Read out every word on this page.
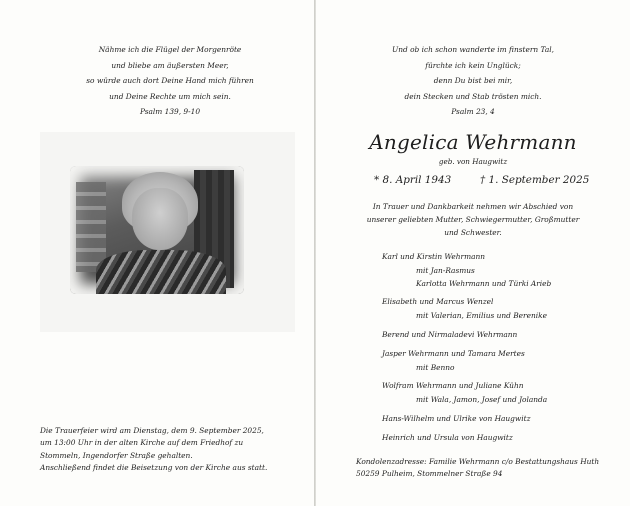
Nähme ich die Flügel der Morgenröte
und bliebe am äußersten Meer,
so würde auch dort Deine Hand mich führen
und Deine Rechte um mich sein.
Psalm 139, 9-10
Die Trauerfeier wird am Dienstag, dem 9. September 2025,
um 13:00 Uhr in der alten Kirche auf dem Friedhof zu
Stommeln, Ingendorfer Straße gehalten.
Anschließend findet die Beisetzung von der Kirche aus statt.
Und ob ich schon wanderte im finstern Tal,
fürchte ich kein Unglück;
denn Du bist bei mir,
dein Stecken und Stab trösten mich.
Psalm 23, 4
Angelica Wehrmann
geb. von Haugwitz
* 8. April 1943	† 1. September 2025
In Trauer und Dankbarkeit nehmen wir Abschied von
unserer geliebten Mutter, Schwiegermutter, Großmutter
und Schwester.
Karl und Kirstin Wehrmann
mit Jan-Rasmus
Karlotta Wehrmann und Türki Arieb
Elisabeth und Marcus Wenzel
mit Valerian, Emilius und Berenike
Berend und Nirmaladevi Wehrmann
Jasper Wehrmann und Tamara Mertes
mit Benno
Wolfram Wehrmann und Juliane Kühn
mit Wala, Jamon, Josef und Jolanda
Hans-Wilhelm und Ulrike von Haugwitz
Heinrich und Ursula von Haugwitz
Kondolenzadresse: Familie Wehrmann c/o Bestattungshaus Huth
50259 Pulheim, Stommelner Straße 94
